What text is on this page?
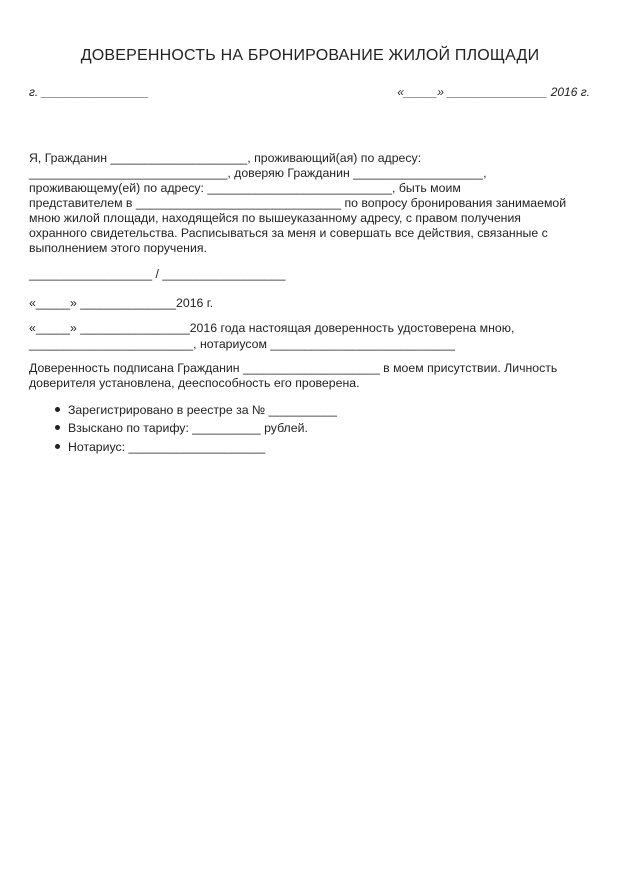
ДОВЕРЕННОСТЬ НА БРОНИРОВАНИЕ ЖИЛОЙ ПЛОЩАДИ
г. ________________	«_____» _______________ 2016 г.
Я, Гражданин ____________________, проживающий(ая) по адресу:
_____________________________, доверяю Гражданин ___________________,
проживающему(ей) по адресу: ___________________________, быть моим
представителем в ______________________________ по вопросу бронирования занимаемой
мною жилой площади, находящейся по вышеуказанному адресу, с правом получения
охранного свидетельства. Расписываться за меня и совершать все действия, связанные с
выполнением этого поручения.
__________________ / __________________
«_____» ______________2016 г.
«_____» ________________2016 года настоящая доверенность удостоверена мною,
________________________, нотариусом ___________________________
Доверенность подписана Гражданин ____________________ в моем присутствии. Личность
доверителя установлена, дееспособность его проверена.
Зарегистрировано в реестре за № __________
Взыскано по тарифу: __________ рублей.
Нотариус: ____________________
